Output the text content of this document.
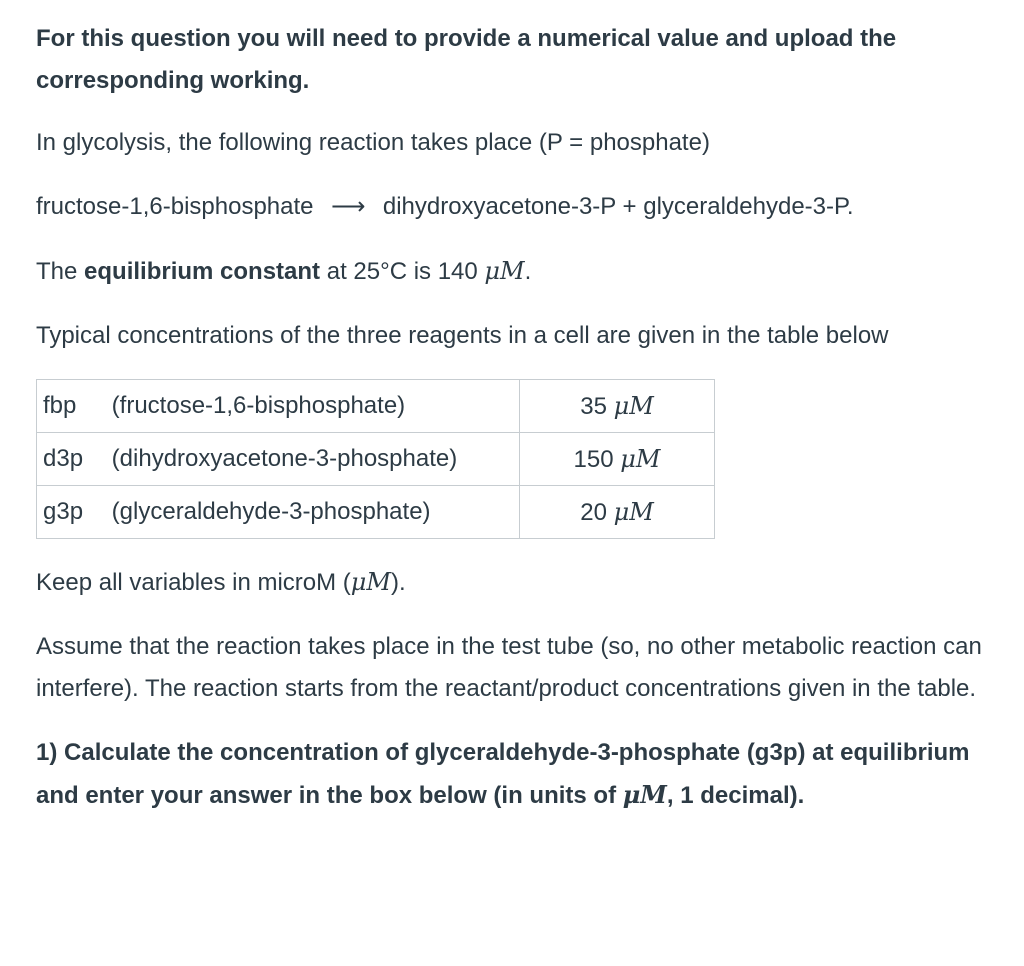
For this question you will need to provide a numerical value and upload the corresponding working.

In glycolysis, the following reaction takes place (P = phosphate)

fructose-1,6-bisphosphate ⟶ dihydroxyacetone-3-P + glyceraldehyde-3-P.

The equilibrium constant at 25°C is 140 μM.

Typical concentrations of the three reagents in a cell are given in the table below

fbp (fructose-1,6-bisphosphate)	35 μM
d3p (dihydroxyacetone-3-phosphate)	150 μM
g3p (glyceraldehyde-3-phosphate)	20 μM

Keep all variables in microM (μM).

Assume that the reaction takes place in the test tube (so, no other metabolic reaction can interfere). The reaction starts from the reactant/product concentrations given in the table.

1) Calculate the concentration of glyceraldehyde-3-phosphate (g3p) at equilibrium and enter your answer in the box below (in units of μM, 1 decimal).
